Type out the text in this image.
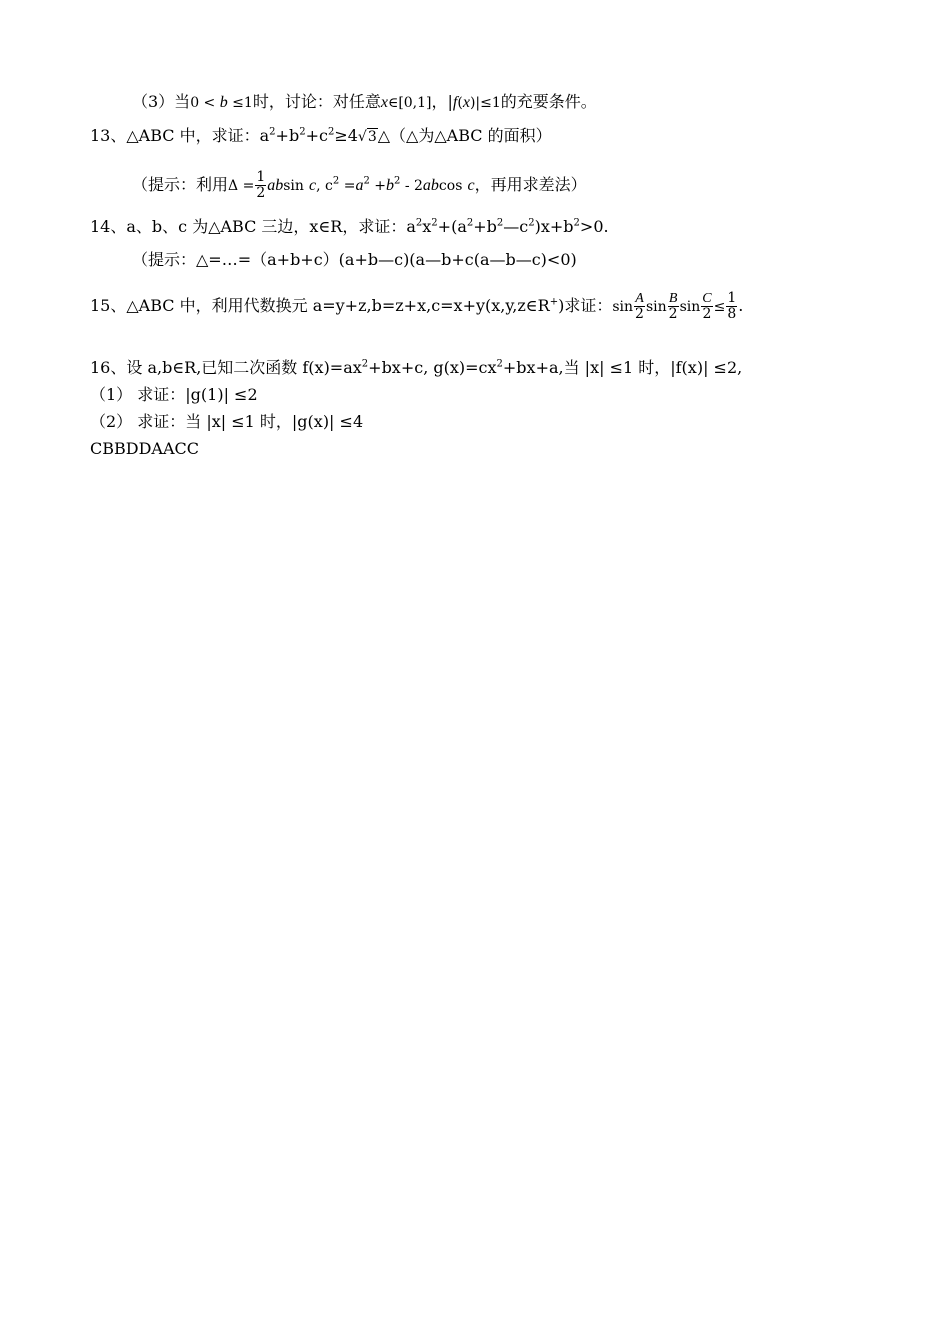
（3）当0 < b ≤1时，讨论：对任意x∈[0,1]，|f(x)|≤1的充要条件。
13、△ABC 中，求证：$a^2+b^2+c^2\ge 4√3\triangle(\triangle$为△ABC 的面积）
（提示：利用$\Delta = \frac{1}{2}$ absin c, $c^2 =a^2 +b^2 - 2abcos$ c，再用求差法）
14、a、b、c 为△ABC 三边，x∈R，求证：$a^2x^2+(a^2+b^2—c^2)x+b^2>0$.
（提示：△=…=（a+b+c）(a+b—c)(a—b+c(a—b—c)<0)
15、△ABC 中，利用代数换元 a=y+z,b=z+x,c=x+y(x,y,z∈R+)求证：$\sin \frac{A}{2}$ $\sin \frac{B}{2}$ $\sin \frac{C}{2} \le \frac{1}{8}$ .
16、设 a,b∈R,已知二次函数 $f(x)=ax^2+bx+c$, $g(x)=cx^2+bx+a$,当 |x| ≤1 时，|f(x)| ≤2,
（1） 求证：|g(1)| ≤2
（2） 求证：当 |x| ≤1 时，|g(x)| ≤4
CBBDDAACC
